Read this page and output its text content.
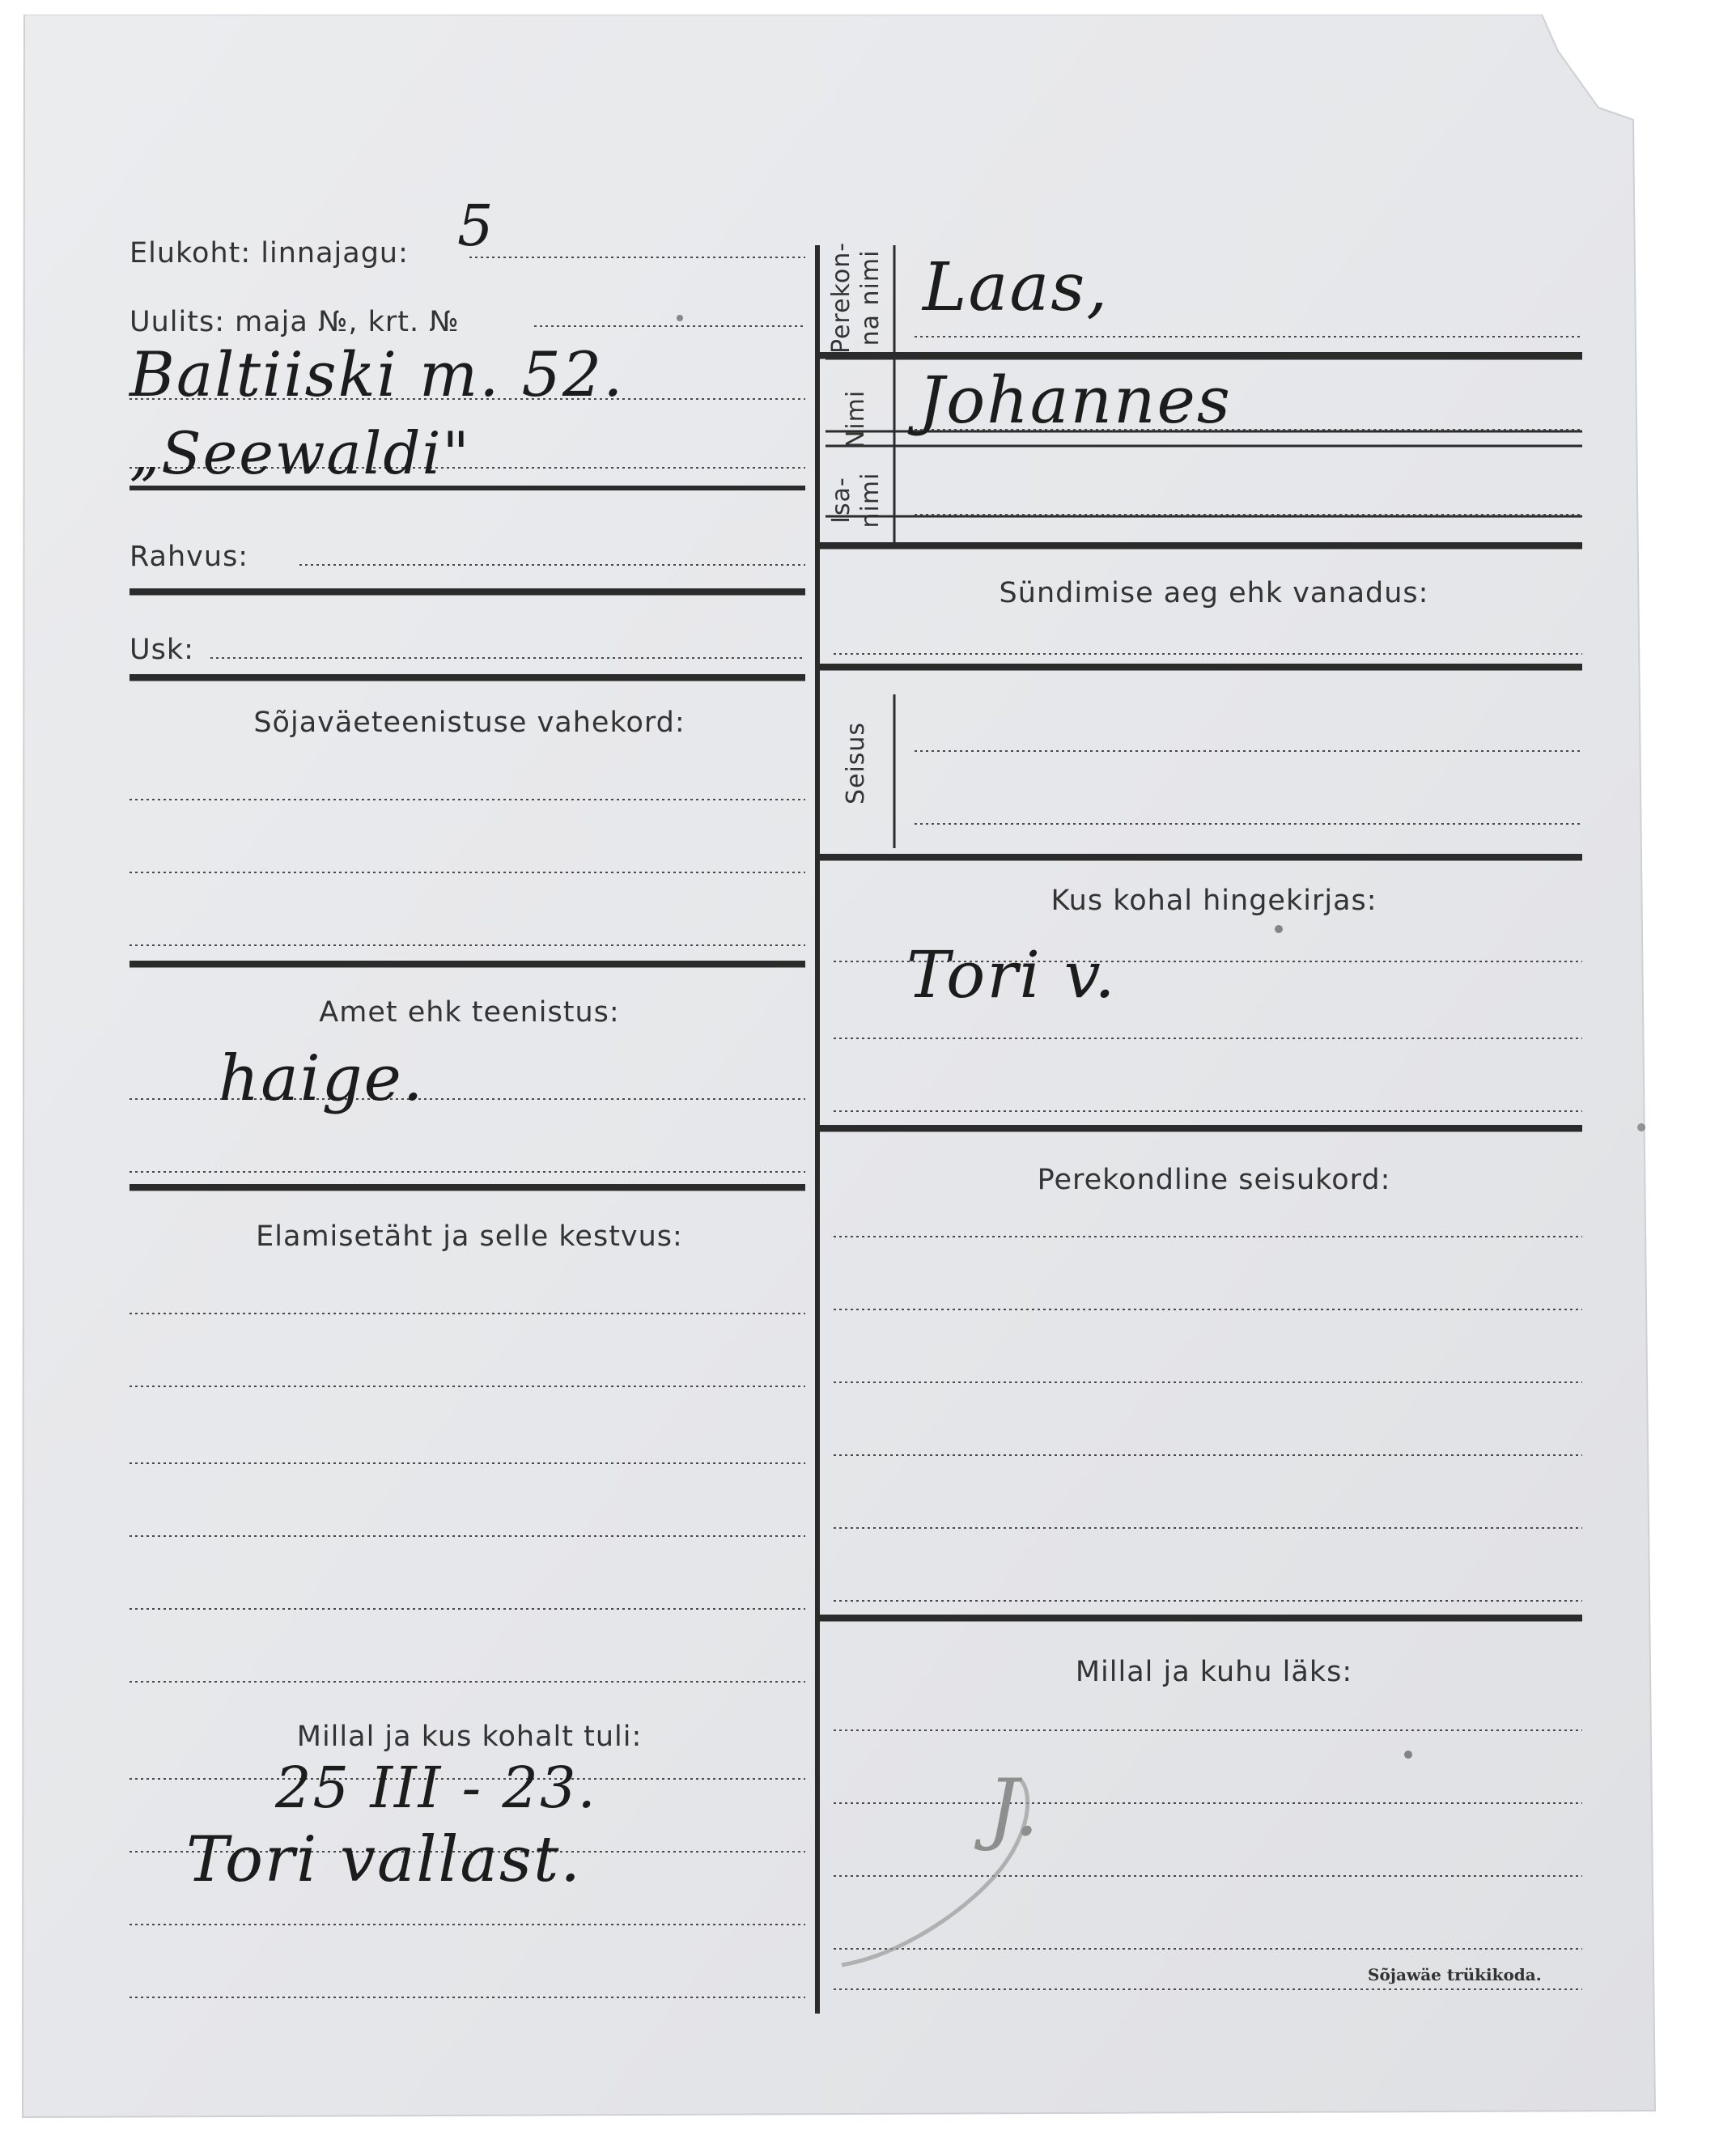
Elukoht: linnajagu: 5
Uulits: maja №, krt. №
Baltiiski m. 52.
„Seewaldi"
Rahvus:
Usk:
Sõjaväeteenistuse vahekord:
Amet ehk teenistus:
haige.
Elamisetäht ja selle kestvus:
Millal ja kus kohalt tuli:
25 III - 23.
Tori vallast.
Perekon- na nimi Laas,
Nimi Johannes
Isa- nimi
Sündimise aeg ehk vanadus:
Seisus
Kus kohal hingekirjas:
Tori v.
Perekondline seisukord:
Millal ja kuhu läks:
J.
Sõjawäe trükikoda.
